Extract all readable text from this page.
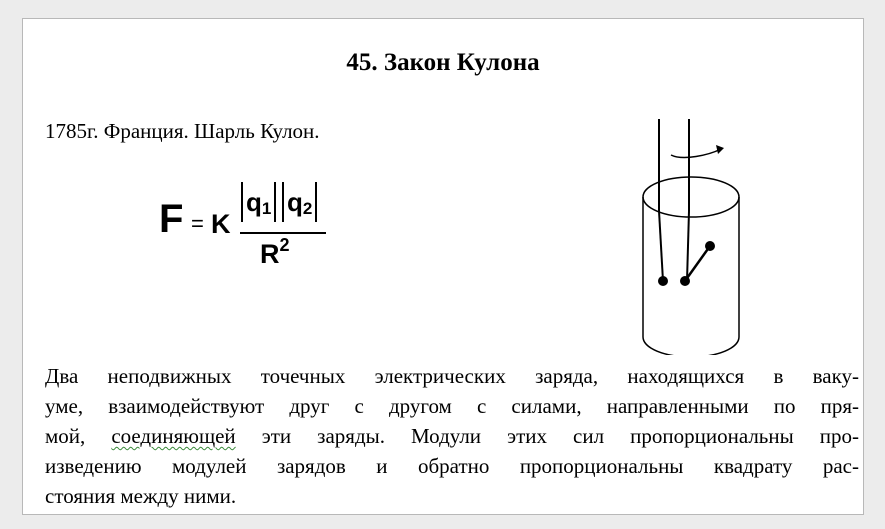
45. Закон Кулона
1785г. Франция. Шарль Кулон.
F = K
q 1 q 2
R2
Два неподвижных точечных электрических заряда, находящихся в ваку-
уме, взаимодействуют друг с другом с силами, направленными по пря-
мой, соединяющей эти заряды. Модули этих сил пропорциональны про-
изведению модулей зарядов и обратно пропорциональны квадрату рас-
стояния между ними.
